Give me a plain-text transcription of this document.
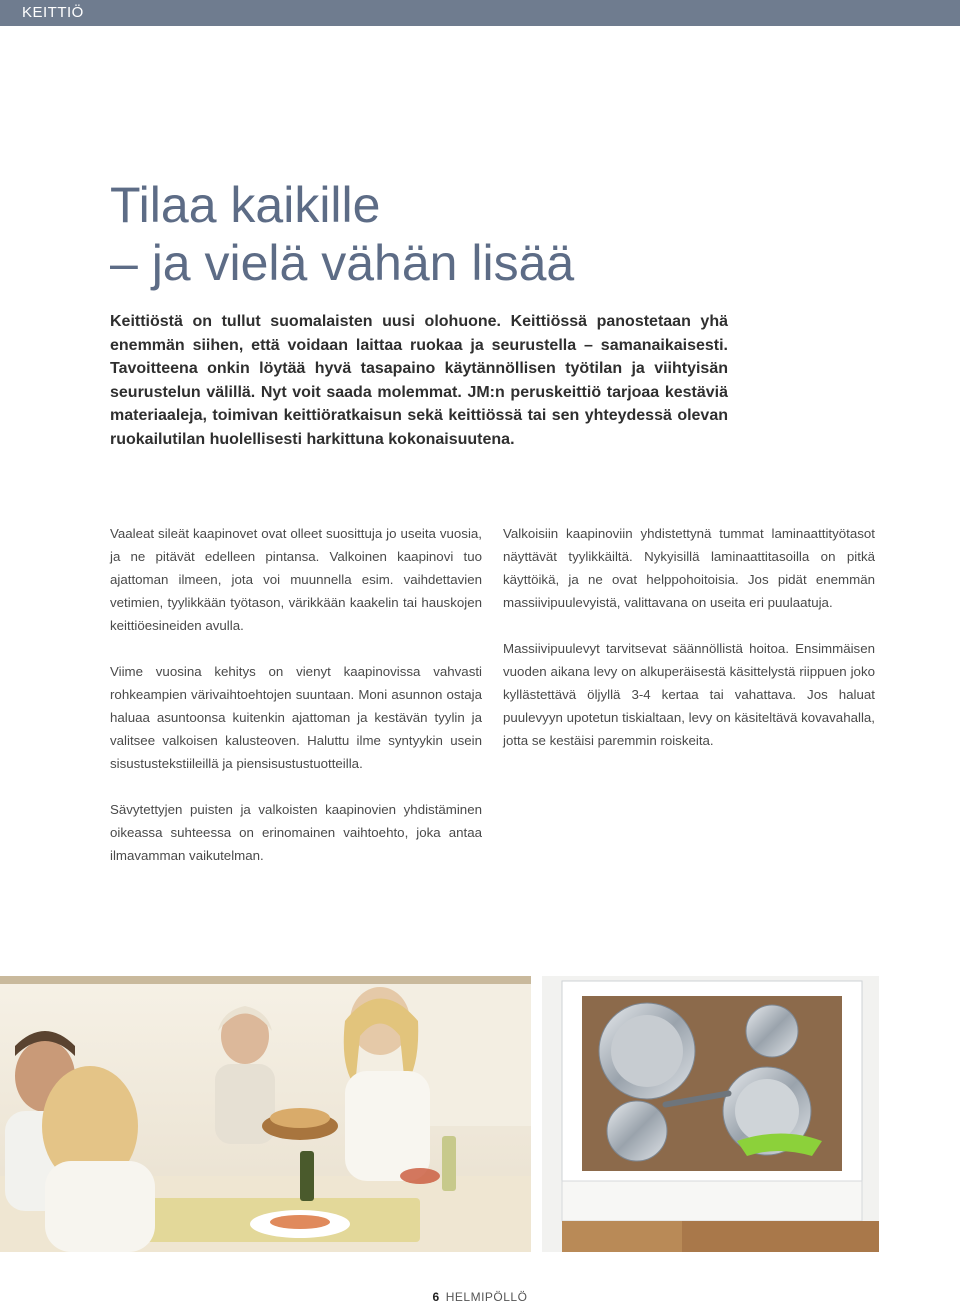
KEITTIÖ
Tilaa kaikille
– ja vielä vähän lisää

Keittiöstä on tullut suomalaisten uusi olohuone. Keittiössä panostetaan yhä enemmän siihen, että voidaan laittaa ruokaa ja seurustella – samanaikaisesti. Tavoitteena onkin löytää hyvä tasapaino käytännöllisen työtilan ja viihtyisän seurustelun välillä. Nyt voit saada molemmat. JM:n peruskeittiö tarjoaa kestäviä materiaaleja, toimivan keittiöratkaisun sekä keittiössä tai sen yhteydessä olevan ruokailutilan huolellisesti harkittuna kokonaisuutena.

Vaaleat sileät kaapinovet ovat olleet suosittuja jo useita vuosia, ja ne pitävät edelleen pintansa. Valkoinen kaapinovi tuo ajattoman ilmeen, jota voi muunnella esim. vaihdettavien vetimien, tyylikkään työtason, värikkään kaakelin tai hauskojen keittiöesineiden avulla.

Viime vuosina kehitys on vienyt kaapinovissa vahvasti rohkeampien värivaihtoehtojen suuntaan. Moni asunnon ostaja haluaa asuntoonsa kuitenkin ajattoman ja kestävän tyylin ja valitsee valkoisen kalusteoven. Haluttu ilme syntyykin usein sisustustekstiileillä ja piensisustustuotteilla.

Sävytettyjen puisten ja valkoisten kaapinovien yhdistäminen oikeassa suhteessa on erinomainen vaihtoehto, joka antaa ilmavamman vaikutelman.

Valkoisiin kaapinoviin yhdistettynä tummat laminaattityötasot näyttävät tyylikkäiltä. Nykyisillä laminaattitasoilla on pitkä käyttöikä, ja ne ovat helppohoitoisia. Jos pidät enemmän massiivipuulevyistä, valittavana on useita eri puulaatuja.

Massiivipuulevyt tarvitsevat säännöllistä hoitoa. Ensimmäisen vuoden aikana levy on alkuperäisestä käsittelystä riippuen joko kyllästettävä öljyllä 3-4 kertaa tai vahattava. Jos haluat puulevyyn upotetun tiskialtaan, levy on käsiteltävä kovavahalla, jotta se kestäisi paremmin roiskeita.

6 HELMIPÖLLÖ
